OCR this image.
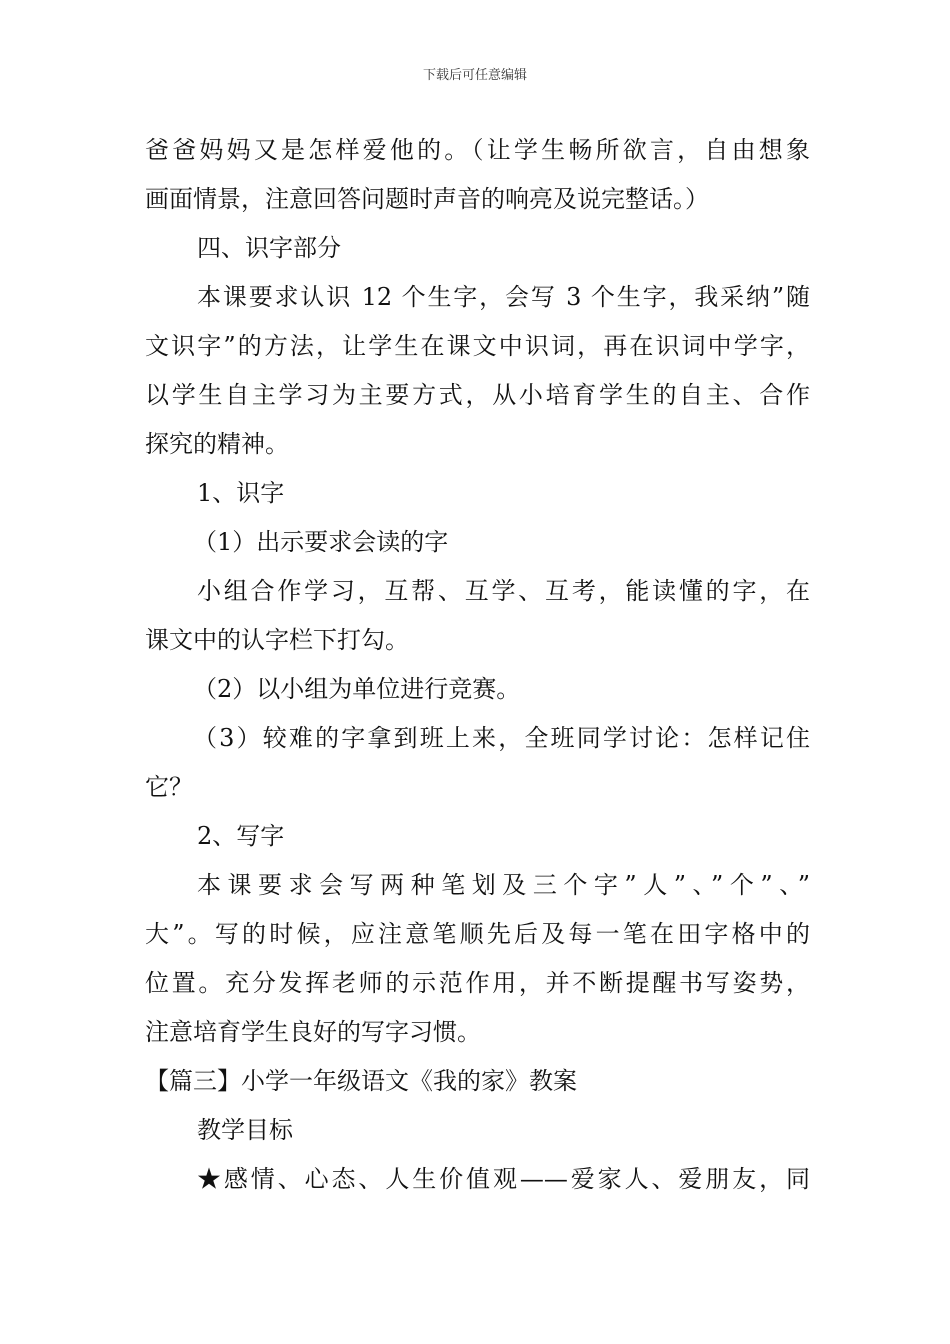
下载后可任意编辑
爸爸妈妈又是怎样爱他的。（让学生畅所欲言，自由想象
画面情景，注意回答问题时声音的响亮及说完整话。）
四、识字部分
本课要求认识 12 个生字，会写 3 个生字，我采纳”随
文识字”的方法，让学生在课文中识词，再在识词中学字，
以学生自主学习为主要方式，从小培育学生的自主、合作
探究的精神。
1、识字
（1）出示要求会读的字
小组合作学习，互帮、互学、互考，能读懂的字，在
课文中的认字栏下打勾。
（2）以小组为单位进行竞赛。
（3）较难的字拿到班上来，全班同学讨论：怎样记住
它？
2、写字
本课要求会写两种笔划及三个字”人”、”个”、”
大”。写的时候，应注意笔顺先后及每一笔在田字格中的
位置。充分发挥老师的示范作用，并不断提醒书写姿势，
注意培育学生良好的写字习惯。
【篇三】小学一年级语文《我的家》教案
教学目标
★感情、心态、人生价值观——爱家人、爱朋友，同
